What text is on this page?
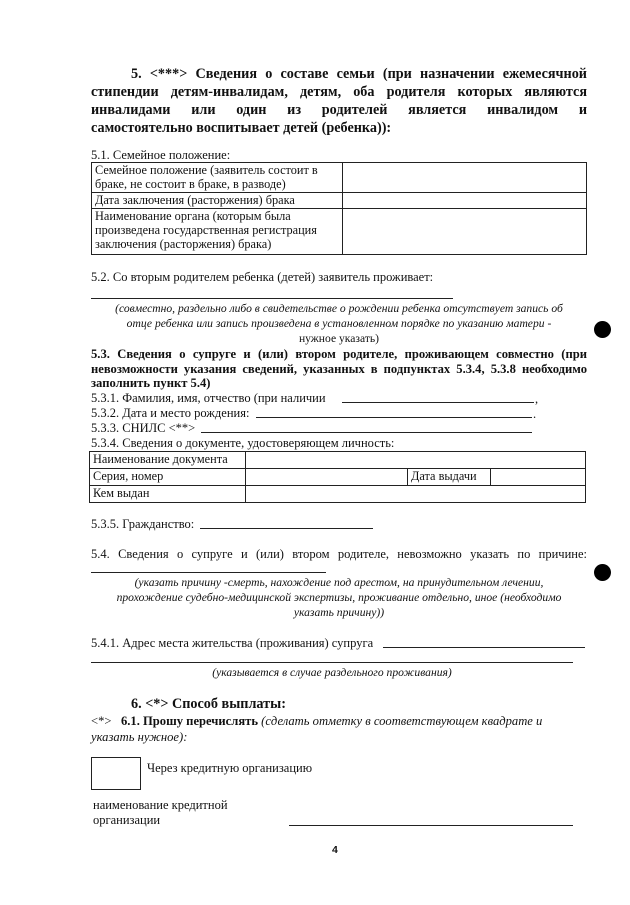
5. <***> Сведения о составе семьи (при назначении ежемесячной
стипендии детям-инвалидам, детям, оба родителя которых являются
инвалидами или один из родителей является инвалидом и
самостоятельно воспитывает детей (ребенка)):
5.1. Семейное положение:
Семейное положение (заявитель состоит в
браке, не состоит в браке, в разводе)	

Дата заключения (расторжения) брака	

Наименование органа (которым была
произведена государственная регистрация
заключения (расторжения) брака)	

5.2. Со вторым родителем ребенка (детей) заявитель проживает:
(совместно, раздельно либо в свидетельстве о рождении ребенка отсутствует запись об
отце ребенка или запись произведена в установленном порядке по указанию матери -
нужное указать)
5.3. Сведения о супруге и (или) втором родителе, проживающем совместно (при
невозможности указания сведений, указанных в подпунктах 5.3.4, 5.3.8 необходимо
заполнить пункт 5.4)
5.3.1. Фамилия, имя, отчество (при наличии	,
5.3.2. Дата и место рождения:	.
5.3.3. СНИЛС <**>
5.3.4. Сведения о документе, удостоверяющем личность:
Наименование документа			

Серия, номер		Дата выдачи	

Кем выдан			

5.3.5. Гражданство:
5.4. Сведения о супруге и (или) втором родителе, невозможно указать по причине:
(указать причину -смерть, нахождение под арестом, на принудительном лечении,
прохождение судебно-медицинской экспертизы, проживание отдельно, иное (необходимо
указать причину))
5.4.1. Адрес места жительства (проживания) супруга
(указывается в случае раздельного проживания)
6. <*> Способ выплаты:
<*> 6.1. Прошу перечислять (сделать отметку в соответствующем квадрате и
указать нужное):
Через кредитную организацию
наименование кредитной
организации
4
